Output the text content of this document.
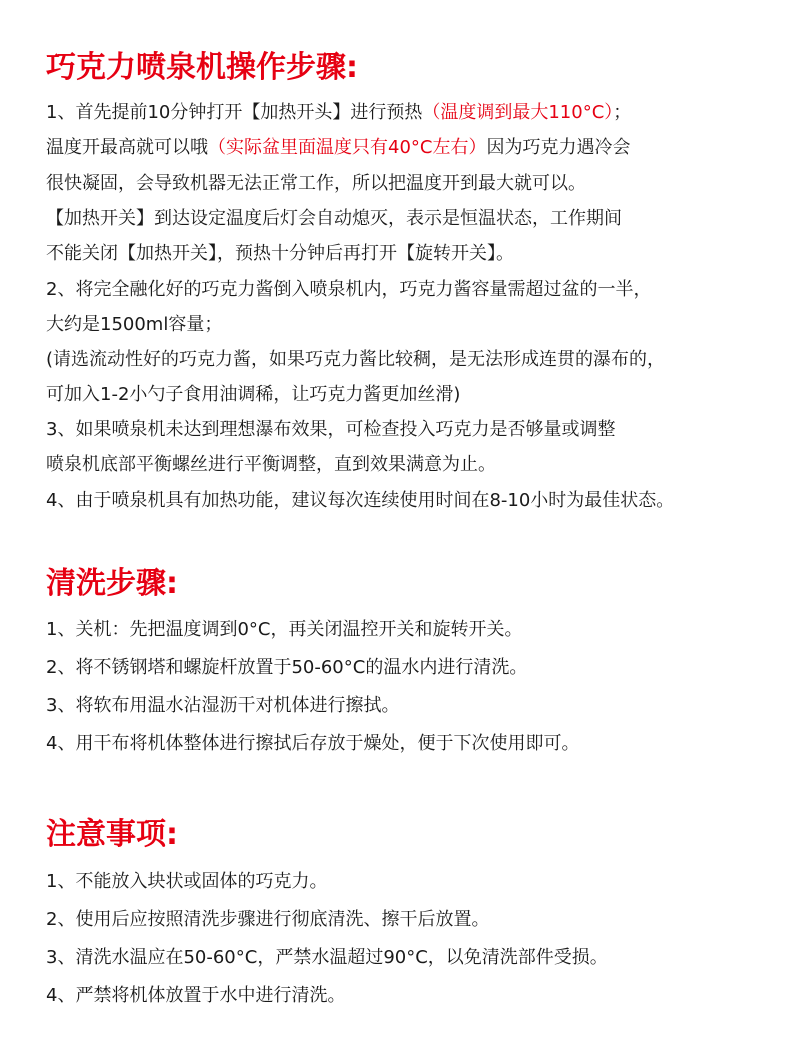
巧克力喷泉机操作步骤:
1、首先提前10分钟打开【加热开头】进行预热（温度调到最大110°C）；
温度开最高就可以哦（实际盆里面温度只有40°C左右）因为巧克力遇冷会
很快凝固，会导致机器无法正常工作，所以把温度开到最大就可以。
【加热开关】到达设定温度后灯会自动熄灭，表示是恒温状态，工作期间
不能关闭【加热开关】，预热十分钟后再打开【旋转开关】。
2、将完全融化好的巧克力酱倒入喷泉机内，巧克力酱容量需超过盆的一半，
大约是1500ml容量；
(请选流动性好的巧克力酱，如果巧克力酱比较稠，是无法形成连贯的瀑布的，
可加入1-2小勺子食用油调稀，让巧克力酱更加丝滑)
3、如果喷泉机未达到理想瀑布效果，可检查投入巧克力是否够量或调整
喷泉机底部平衡螺丝进行平衡调整，直到效果满意为止。
4、由于喷泉机具有加热功能，建议每次连续使用时间在8-10小时为最佳状态。
清洗步骤:
1、关机：先把温度调到0°C，再关闭温控开关和旋转开关。
2、将不锈钢塔和螺旋杆放置于50-60°C的温水内进行清洗。
3、将软布用温水沾湿沥干对机体进行擦拭。
4、用干布将机体整体进行擦拭后存放于燥处，便于下次使用即可。
注意事项:
1、不能放入块状或固体的巧克力。
2、使用后应按照清洗步骤进行彻底清洗、擦干后放置。
3、清洗水温应在50-60°C，严禁水温超过90°C，以免清洗部件受损。
4、严禁将机体放置于水中进行清洗。
